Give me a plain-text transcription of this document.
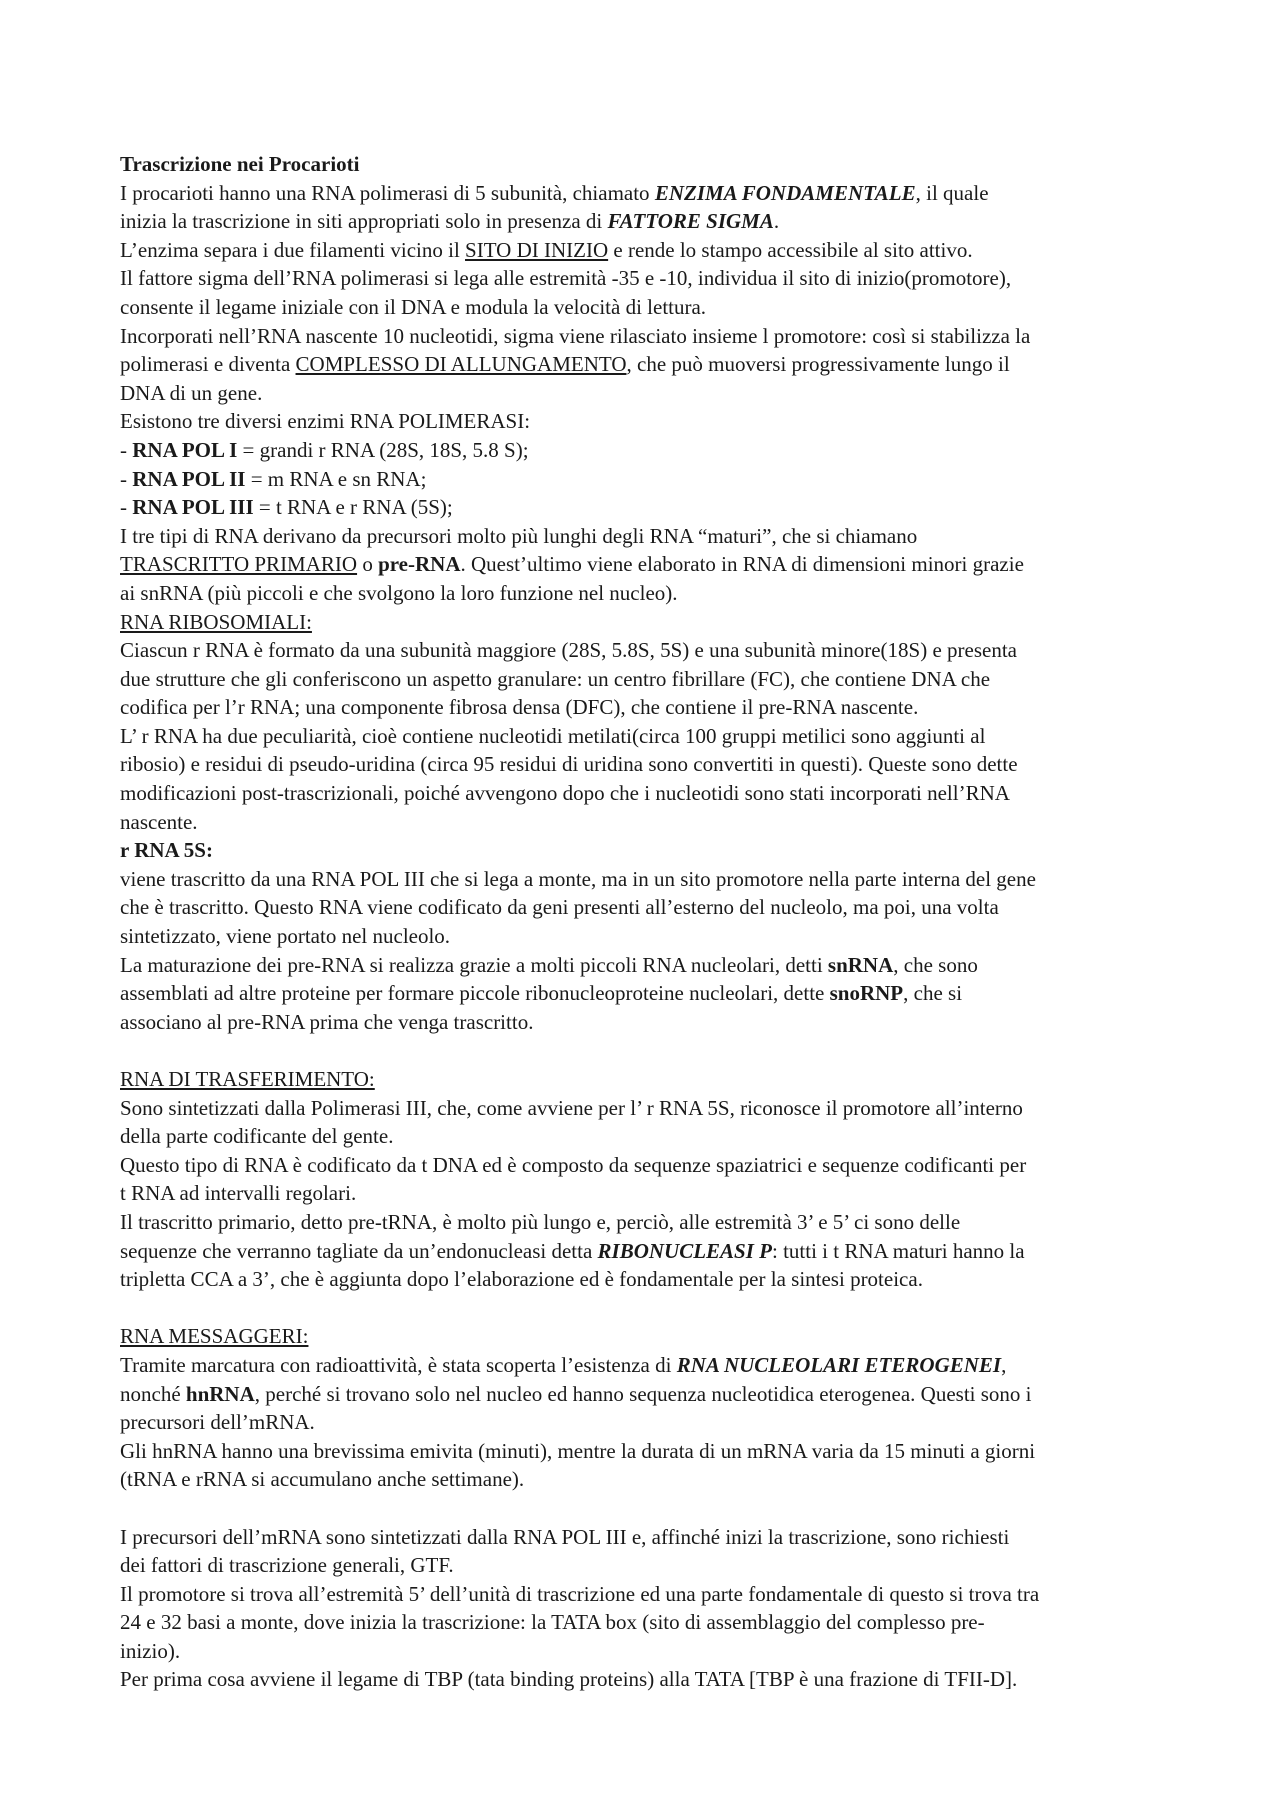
Trascrizione nei Procarioti
I procarioti hanno una RNA polimerasi di 5 subunità, chiamato ENZIMA FONDAMENTALE, il quale
inizia la trascrizione in siti appropriati solo in presenza di FATTORE SIGMA.
L’enzima separa i due filamenti vicino il SITO DI INIZIO e rende lo stampo accessibile al sito attivo.
Il fattore sigma dell’RNA polimerasi si lega alle estremità -35 e -10, individua il sito di inizio(promotore),
consente il legame iniziale con il DNA e modula la velocità di lettura.
Incorporati nell’RNA nascente 10 nucleotidi, sigma viene rilasciato insieme l promotore: così si stabilizza la
polimerasi e diventa COMPLESSO DI ALLUNGAMENTO, che può muoversi progressivamente lungo il
DNA di un gene.
Esistono tre diversi enzimi RNA POLIMERASI:
- RNA POL I = grandi r RNA (28S, 18S, 5.8 S);
- RNA POL II = m RNA e sn RNA;
- RNA POL III = t RNA e r RNA (5S);
I tre tipi di RNA derivano da precursori molto più lunghi degli RNA “maturi”, che si chiamano
TRASCRITTO PRIMARIO o pre-RNA. Quest’ultimo viene elaborato in RNA di dimensioni minori grazie
ai snRNA (più piccoli e che svolgono la loro funzione nel nucleo).
RNA RIBOSOMIALI:
Ciascun r RNA è formato da una subunità maggiore (28S, 5.8S, 5S) e una subunità minore(18S) e presenta
due strutture che gli conferiscono un aspetto granulare: un centro fibrillare (FC), che contiene DNA che
codifica per l’r RNA; una componente fibrosa densa (DFC), che contiene il pre-RNA nascente.
L’ r RNA ha due peculiarità, cioè contiene nucleotidi metilati(circa 100 gruppi metilici sono aggiunti al
ribosio) e residui di pseudo-uridina (circa 95 residui di uridina sono convertiti in questi). Queste sono dette
modificazioni post-trascrizionali, poiché avvengono dopo che i nucleotidi sono stati incorporati nell’RNA
nascente.
r RNA 5S:
viene trascritto da una RNA POL III che si lega a monte, ma in un sito promotore nella parte interna del gene
che è trascritto. Questo RNA viene codificato da geni presenti all’esterno del nucleolo, ma poi, una volta
sintetizzato, viene portato nel nucleolo.
La maturazione dei pre-RNA si realizza grazie a molti piccoli RNA nucleolari, detti snRNA, che sono
assemblati ad altre proteine per formare piccole ribonucleoproteine nucleolari, dette snoRNP, che si
associano al pre-RNA prima che venga trascritto.
RNA DI TRASFERIMENTO:
Sono sintetizzati dalla Polimerasi III, che, come avviene per l’ r RNA 5S, riconosce il promotore all’interno
della parte codificante del gente.
Questo tipo di RNA è codificato da t DNA ed è composto da sequenze spaziatrici e sequenze codificanti per
t RNA ad intervalli regolari.
Il trascritto primario, detto pre-tRNA, è molto più lungo e, perciò, alle estremità 3’ e 5’ ci sono delle
sequenze che verranno tagliate da un’endonucleasi detta RIBONUCLEASI P: tutti i t RNA maturi hanno la
tripletta CCA a 3’, che è aggiunta dopo l’elaborazione ed è fondamentale per la sintesi proteica.
RNA MESSAGGERI:
Tramite marcatura con radioattività, è stata scoperta l’esistenza di RNA NUCLEOLARI ETEROGENEI,
nonché hnRNA, perché si trovano solo nel nucleo ed hanno sequenza nucleotidica eterogenea. Questi sono i
precursori dell’mRNA.
Gli hnRNA hanno una brevissima emivita (minuti), mentre la durata di un mRNA varia da 15 minuti a giorni
(tRNA e rRNA si accumulano anche settimane).
I precursori dell’mRNA sono sintetizzati dalla RNA POL III e, affinché inizi la trascrizione, sono richiesti
dei fattori di trascrizione generali, GTF.
Il promotore si trova all’estremità 5’ dell’unità di trascrizione ed una parte fondamentale di questo si trova tra
24 e 32 basi a monte, dove inizia la trascrizione: la TATA box (sito di assemblaggio del complesso pre-
inizio).
Per prima cosa avviene il legame di TBP (tata binding proteins) alla TATA [TBP è una frazione di TFII-D].
